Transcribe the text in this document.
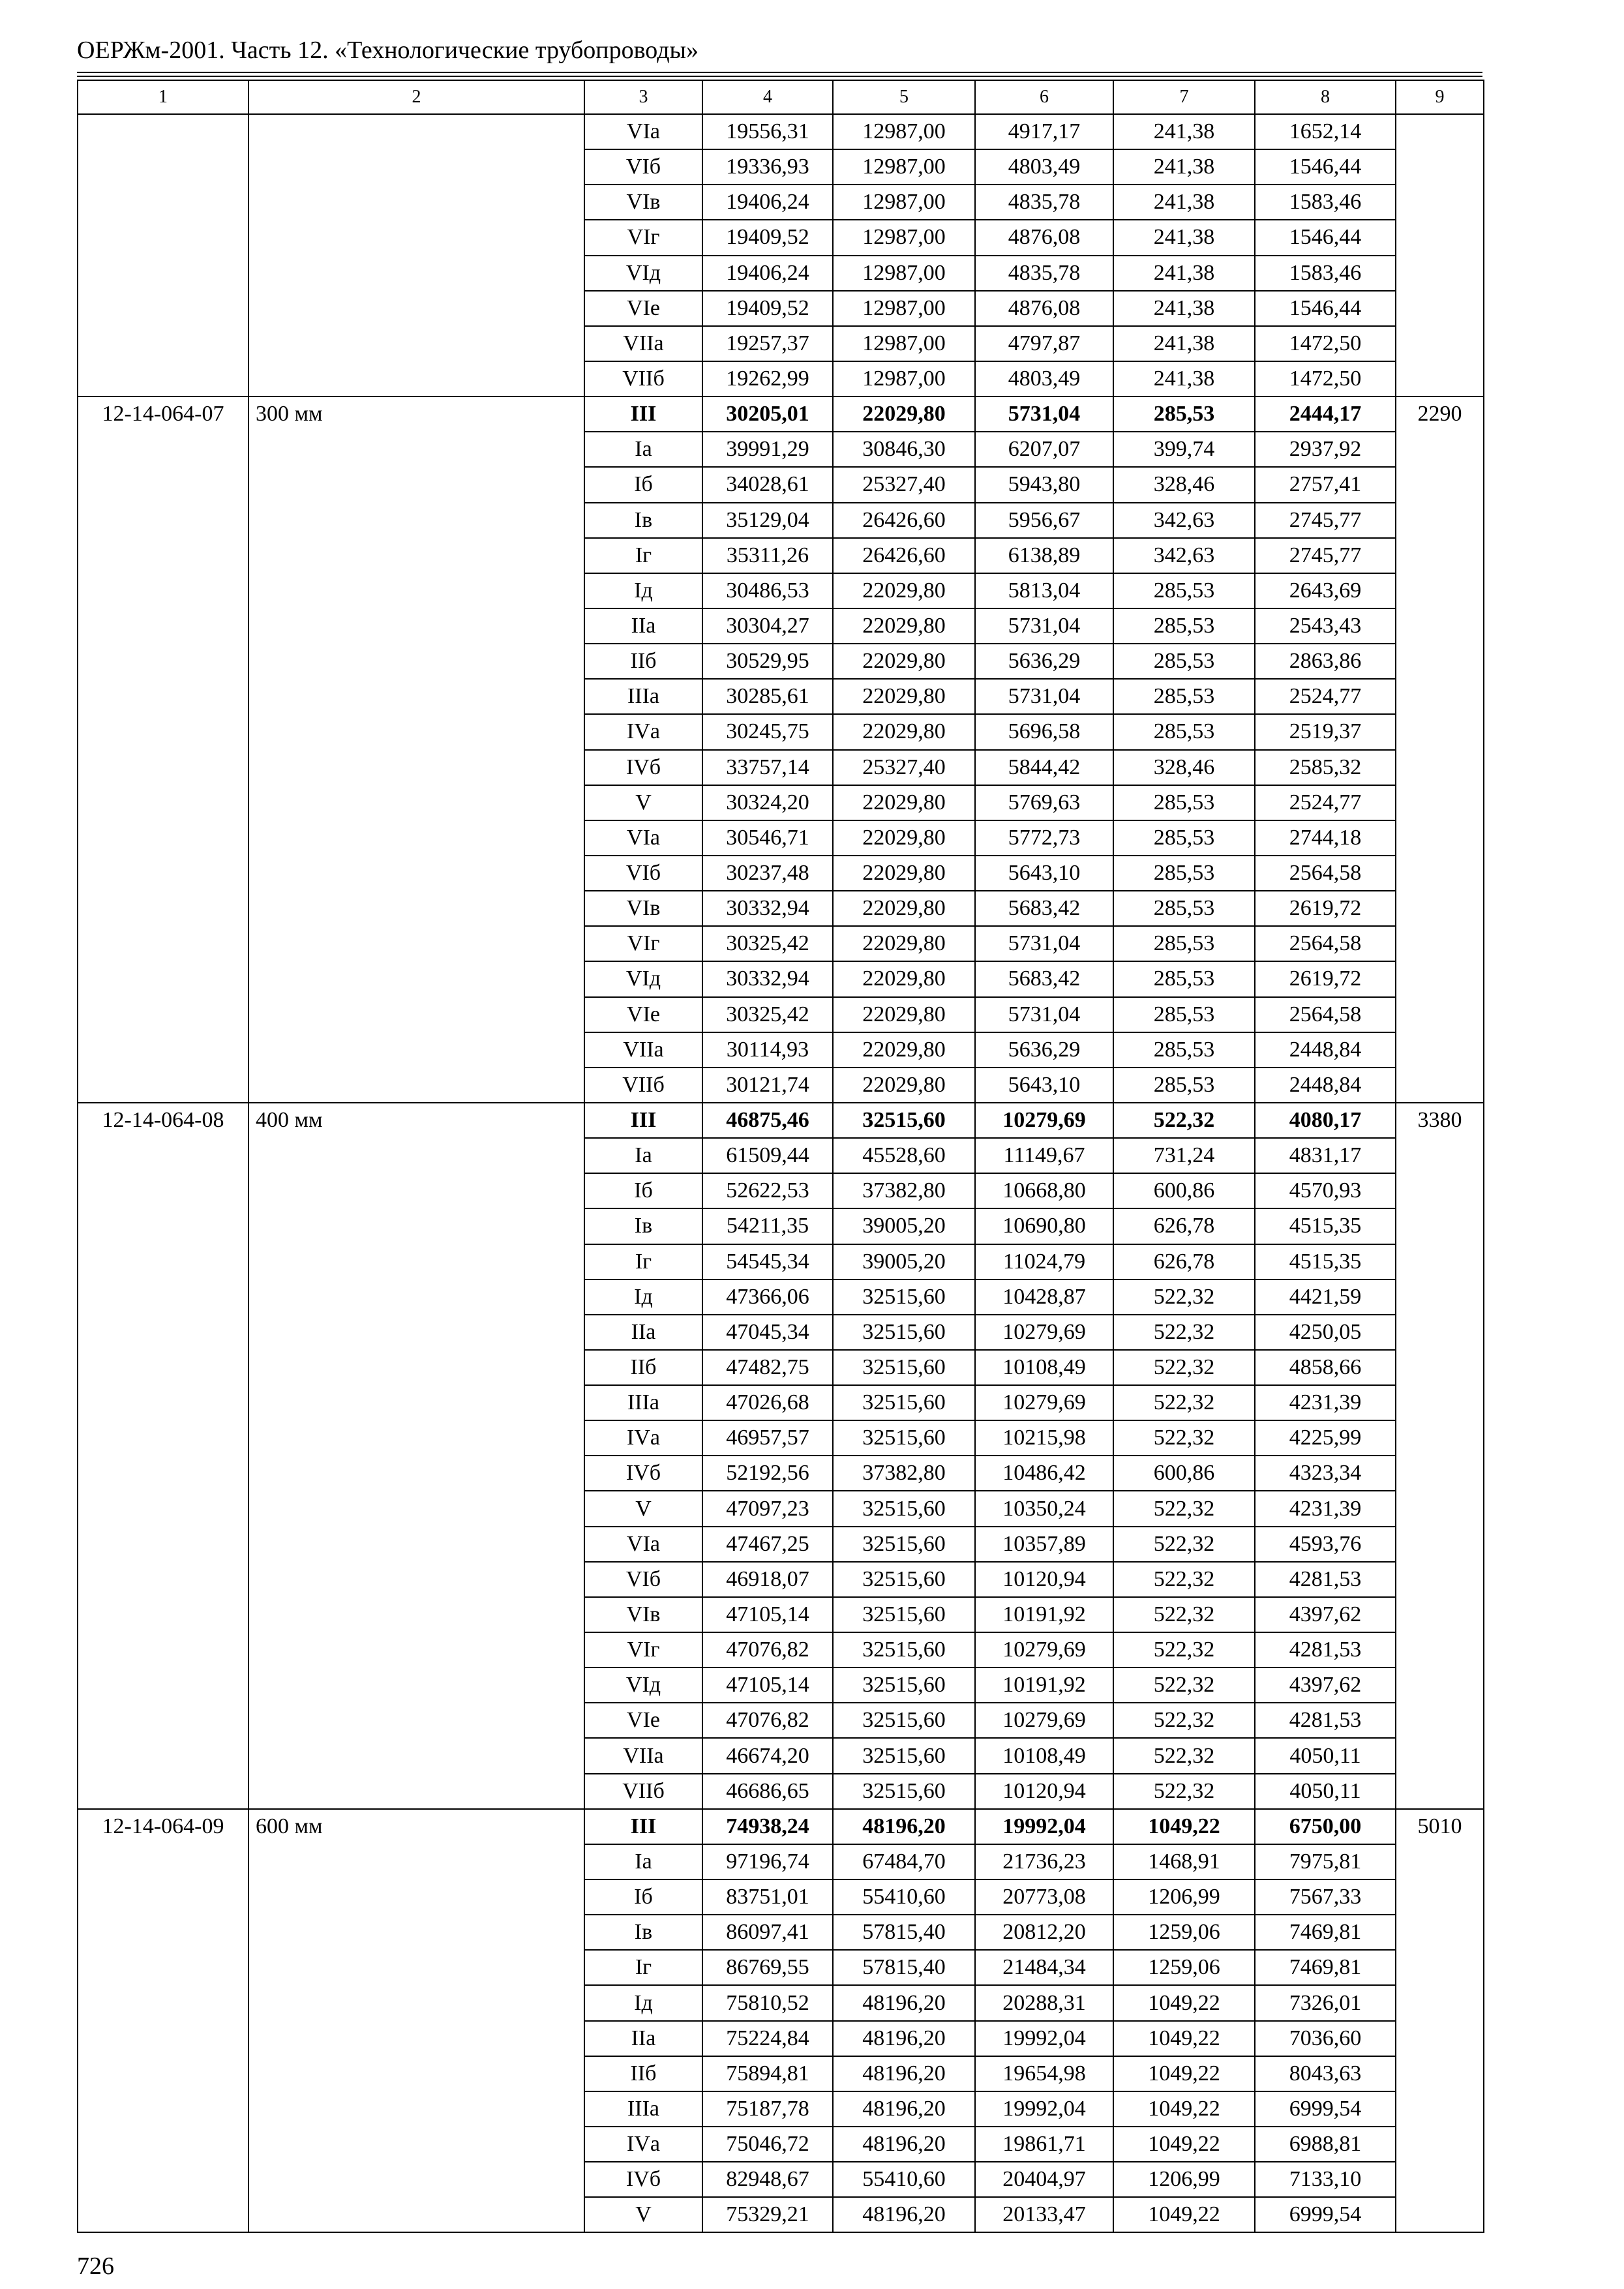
ОЕРЖм-2001. Часть 12. «Технологические трубопроводы»
1	2	3	4	5	6	7	8	9
		VIа	19556,31	12987,00	4917,17	241,38	1652,14	
		VIб	19336,93	12987,00	4803,49	241,38	1546,44	
		VIв	19406,24	12987,00	4835,78	241,38	1583,46	
		VIг	19409,52	12987,00	4876,08	241,38	1546,44	
		VIд	19406,24	12987,00	4835,78	241,38	1583,46	
		VIе	19409,52	12987,00	4876,08	241,38	1546,44	
		VIIа	19257,37	12987,00	4797,87	241,38	1472,50	
		VIIб	19262,99	12987,00	4803,49	241,38	1472,50	
12-14-064-07	300 мм	III	30205,01	22029,80	5731,04	285,53	2444,17	2290
		Iа	39991,29	30846,30	6207,07	399,74	2937,92	
		Iб	34028,61	25327,40	5943,80	328,46	2757,41	
		Iв	35129,04	26426,60	5956,67	342,63	2745,77	
		Iг	35311,26	26426,60	6138,89	342,63	2745,77	
		Iд	30486,53	22029,80	5813,04	285,53	2643,69	
		IIа	30304,27	22029,80	5731,04	285,53	2543,43	
		IIб	30529,95	22029,80	5636,29	285,53	2863,86	
		IIIа	30285,61	22029,80	5731,04	285,53	2524,77	
		IVа	30245,75	22029,80	5696,58	285,53	2519,37	
		IVб	33757,14	25327,40	5844,42	328,46	2585,32	
		V	30324,20	22029,80	5769,63	285,53	2524,77	
		VIа	30546,71	22029,80	5772,73	285,53	2744,18	
		VIб	30237,48	22029,80	5643,10	285,53	2564,58	
		VIв	30332,94	22029,80	5683,42	285,53	2619,72	
		VIг	30325,42	22029,80	5731,04	285,53	2564,58	
		VIд	30332,94	22029,80	5683,42	285,53	2619,72	
		VIе	30325,42	22029,80	5731,04	285,53	2564,58	
		VIIа	30114,93	22029,80	5636,29	285,53	2448,84	
		VIIб	30121,74	22029,80	5643,10	285,53	2448,84	
12-14-064-08	400 мм	III	46875,46	32515,60	10279,69	522,32	4080,17	3380
		Iа	61509,44	45528,60	11149,67	731,24	4831,17	
		Iб	52622,53	37382,80	10668,80	600,86	4570,93	
		Iв	54211,35	39005,20	10690,80	626,78	4515,35	
		Iг	54545,34	39005,20	11024,79	626,78	4515,35	
		Iд	47366,06	32515,60	10428,87	522,32	4421,59	
		IIа	47045,34	32515,60	10279,69	522,32	4250,05	
		IIб	47482,75	32515,60	10108,49	522,32	4858,66	
		IIIа	47026,68	32515,60	10279,69	522,32	4231,39	
		IVа	46957,57	32515,60	10215,98	522,32	4225,99	
		IVб	52192,56	37382,80	10486,42	600,86	4323,34	
		V	47097,23	32515,60	10350,24	522,32	4231,39	
		VIа	47467,25	32515,60	10357,89	522,32	4593,76	
		VIб	46918,07	32515,60	10120,94	522,32	4281,53	
		VIв	47105,14	32515,60	10191,92	522,32	4397,62	
		VIг	47076,82	32515,60	10279,69	522,32	4281,53	
		VIд	47105,14	32515,60	10191,92	522,32	4397,62	
		VIе	47076,82	32515,60	10279,69	522,32	4281,53	
		VIIа	46674,20	32515,60	10108,49	522,32	4050,11	
		VIIб	46686,65	32515,60	10120,94	522,32	4050,11	
12-14-064-09	600 мм	III	74938,24	48196,20	19992,04	1049,22	6750,00	5010
		Iа	97196,74	67484,70	21736,23	1468,91	7975,81	
		Iб	83751,01	55410,60	20773,08	1206,99	7567,33	
		Iв	86097,41	57815,40	20812,20	1259,06	7469,81	
		Iг	86769,55	57815,40	21484,34	1259,06	7469,81	
		Iд	75810,52	48196,20	20288,31	1049,22	7326,01	
		IIа	75224,84	48196,20	19992,04	1049,22	7036,60	
		IIб	75894,81	48196,20	19654,98	1049,22	8043,63	
		IIIа	75187,78	48196,20	19992,04	1049,22	6999,54	
		IVа	75046,72	48196,20	19861,71	1049,22	6988,81	
		IVб	82948,67	55410,60	20404,97	1206,99	7133,10	
		V	75329,21	48196,20	20133,47	1049,22	6999,54	
726
